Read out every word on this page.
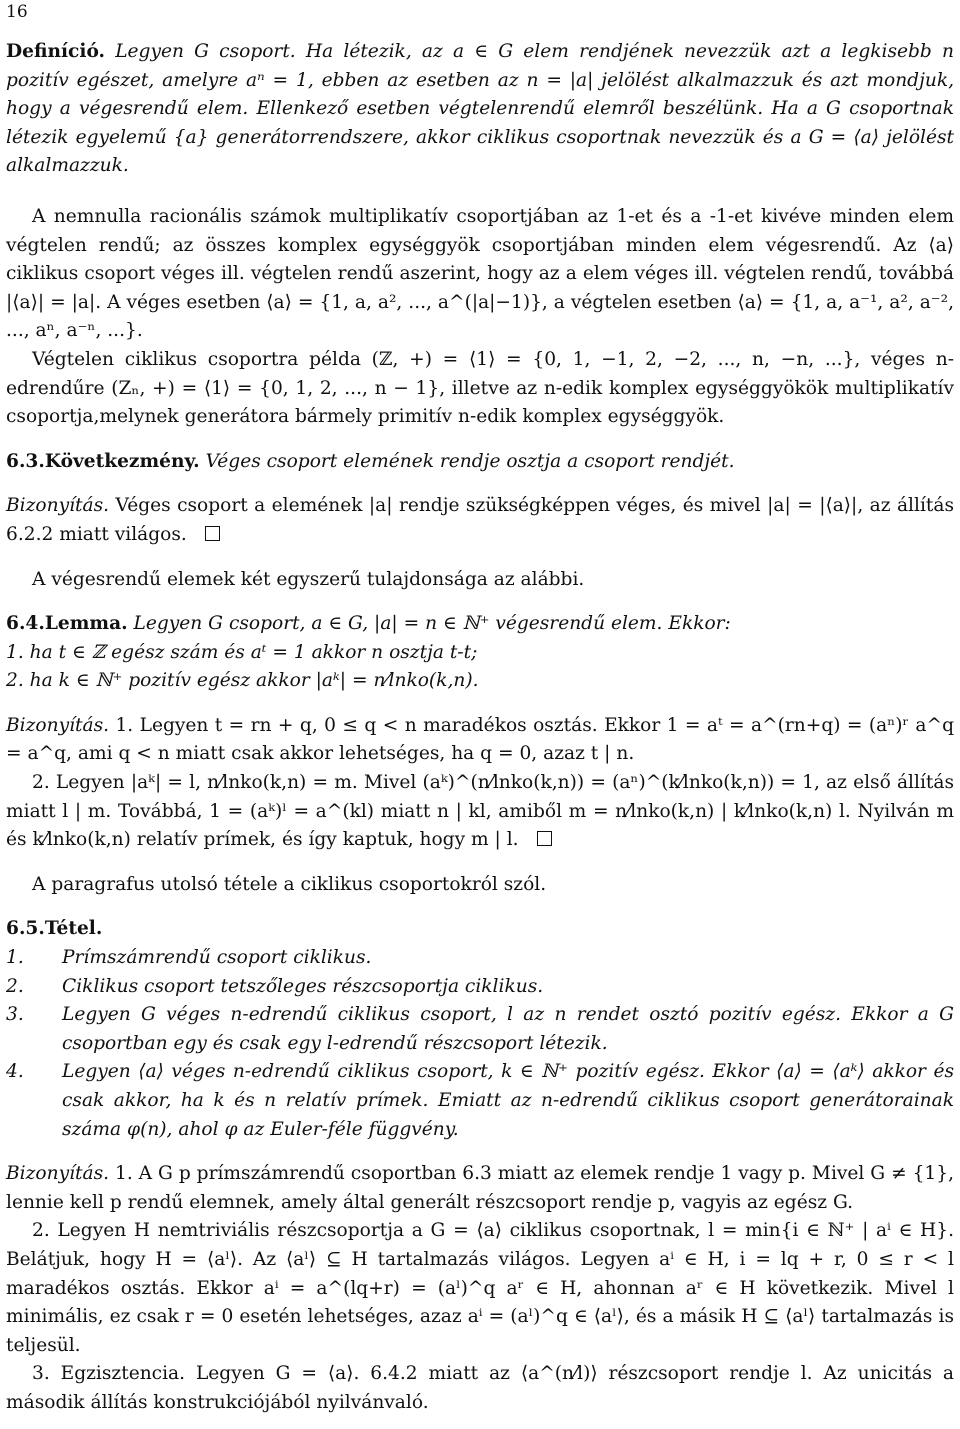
16

Definíció. Legyen G csoport. Ha létezik, az a ∈ G elem rendjének nevezzük azt a legkisebb n pozitív egészet, amelyre aⁿ = 1, ebben az esetben az n = |a| jelölést alkalmazzuk és azt mondjuk, hogy a végesrendű elem. Ellenkező esetben végtelenrendű elemről beszélünk. Ha a G csoportnak létezik egyelemű {a} generátorrendszere, akkor ciklikus csoportnak nevezzük és a G = ⟨a⟩ jelölést alkalmazzuk.

A nemnulla racionális számok multiplikatív csoportjában az 1-et és a -1-et kivéve minden elem végtelen rendű; az összes komplex egységgyök csoportjában minden elem végesrendű. Az ⟨a⟩ ciklikus csoport véges ill. végtelen rendű aszerint, hogy az a elem véges ill. végtelen rendű, továbbá |⟨a⟩| = |a|. A véges esetben ⟨a⟩ = {1, a, a², ..., a^(|a|−1)}, a végtelen esetben ⟨a⟩ = {1, a, a⁻¹, a², a⁻², ..., aⁿ, a⁻ⁿ, ...}.

Végtelen ciklikus csoportra példa (ℤ, +) = ⟨1⟩ = {0, 1, −1, 2, −2, ..., n, −n, ...}, véges n-edrendűre (Zₙ, +) = ⟨1⟩ = {0, 1, 2, ..., n − 1}, illetve az n-edik komplex egységgyökök multiplikatív csoportja,melynek generátora bármely primitív n-edik komplex egységgyök.

6.3.Következmény. Véges csoport elemének rendje osztja a csoport rendjét.

Bizonyítás. Véges csoport a elemének |a| rendje szükségképpen véges, és mivel |a| = |⟨a⟩|, az állítás 6.2.2 miatt világos.

A végesrendű elemek két egyszerű tulajdonsága az alábbi.

6.4.Lemma. Legyen G csoport, a ∈ G, |a| = n ∈ ℕ⁺ végesrendű elem. Ekkor:

1. ha t ∈ ℤ egész szám és aᵗ = 1 akkor n osztja t-t;

2. ha k ∈ ℕ⁺ pozitív egész akkor |aᵏ| = n⁄lnko(k,n).

Bizonyítás. 1. Legyen t = rn + q, 0 ≤ q < n maradékos osztás. Ekkor 1 = aᵗ = a^(rn+q) = (aⁿ)ʳ a^q = a^q, ami q < n miatt csak akkor lehetséges, ha q = 0, azaz t | n.

2. Legyen |aᵏ| = l, n⁄lnko(k,n) = m. Mivel (aᵏ)^(n⁄lnko(k,n)) = (aⁿ)^(k⁄lnko(k,n)) = 1, az első állítás miatt l | m. Továbbá, 1 = (aᵏ)ˡ = a^(kl) miatt n | kl, amiből m = n⁄lnko(k,n) | k⁄lnko(k,n) l. Nyilván m és k⁄lnko(k,n) relatív prímek, és így kaptuk, hogy m | l.

A paragrafus utolsó tétele a ciklikus csoportokról szól.

6.5.Tétel.

1. Prímszámrendű csoport ciklikus.

2. Ciklikus csoport tetszőleges részcsoportja ciklikus.

3. Legyen G véges n-edrendű ciklikus csoport, l az n rendet osztó pozitív egész. Ekkor a G csoportban egy és csak egy l-edrendű részcsoport létezik.

4. Legyen ⟨a⟩ véges n-edrendű ciklikus csoport, k ∈ ℕ⁺ pozitív egész. Ekkor ⟨a⟩ = ⟨aᵏ⟩ akkor és csak akkor, ha k és n relatív prímek. Emiatt az n-edrendű ciklikus csoport generátorainak száma φ(n), ahol φ az Euler-féle függvény.

Bizonyítás. 1. A G p prímszámrendű csoportban 6.3 miatt az elemek rendje 1 vagy p. Mivel G ≠ {1}, lennie kell p rendű elemnek, amely által generált részcsoport rendje p, vagyis az egész G.

2. Legyen H nemtriviális részcsoportja a G = ⟨a⟩ ciklikus csoportnak, l = min{i ∈ ℕ⁺ | aⁱ ∈ H}. Belátjuk, hogy H = ⟨aˡ⟩. Az ⟨aˡ⟩ ⊆ H tartalmazás világos. Legyen aⁱ ∈ H, i = lq + r, 0 ≤ r < l maradékos osztás. Ekkor aⁱ = a^(lq+r) = (aˡ)^q aʳ ∈ H, ahonnan aʳ ∈ H következik. Mivel l minimális, ez csak r = 0 esetén lehetséges, azaz aⁱ = (aˡ)^q ∈ ⟨aˡ⟩, és a másik H ⊆ ⟨aˡ⟩ tartalmazás is teljesül.

3. Egzisztencia. Legyen G = ⟨a⟩. 6.4.2 miatt az ⟨a^(n⁄l)⟩ részcsoport rendje l. Az unicitás a második állítás konstrukciójából nyilvánvaló.
